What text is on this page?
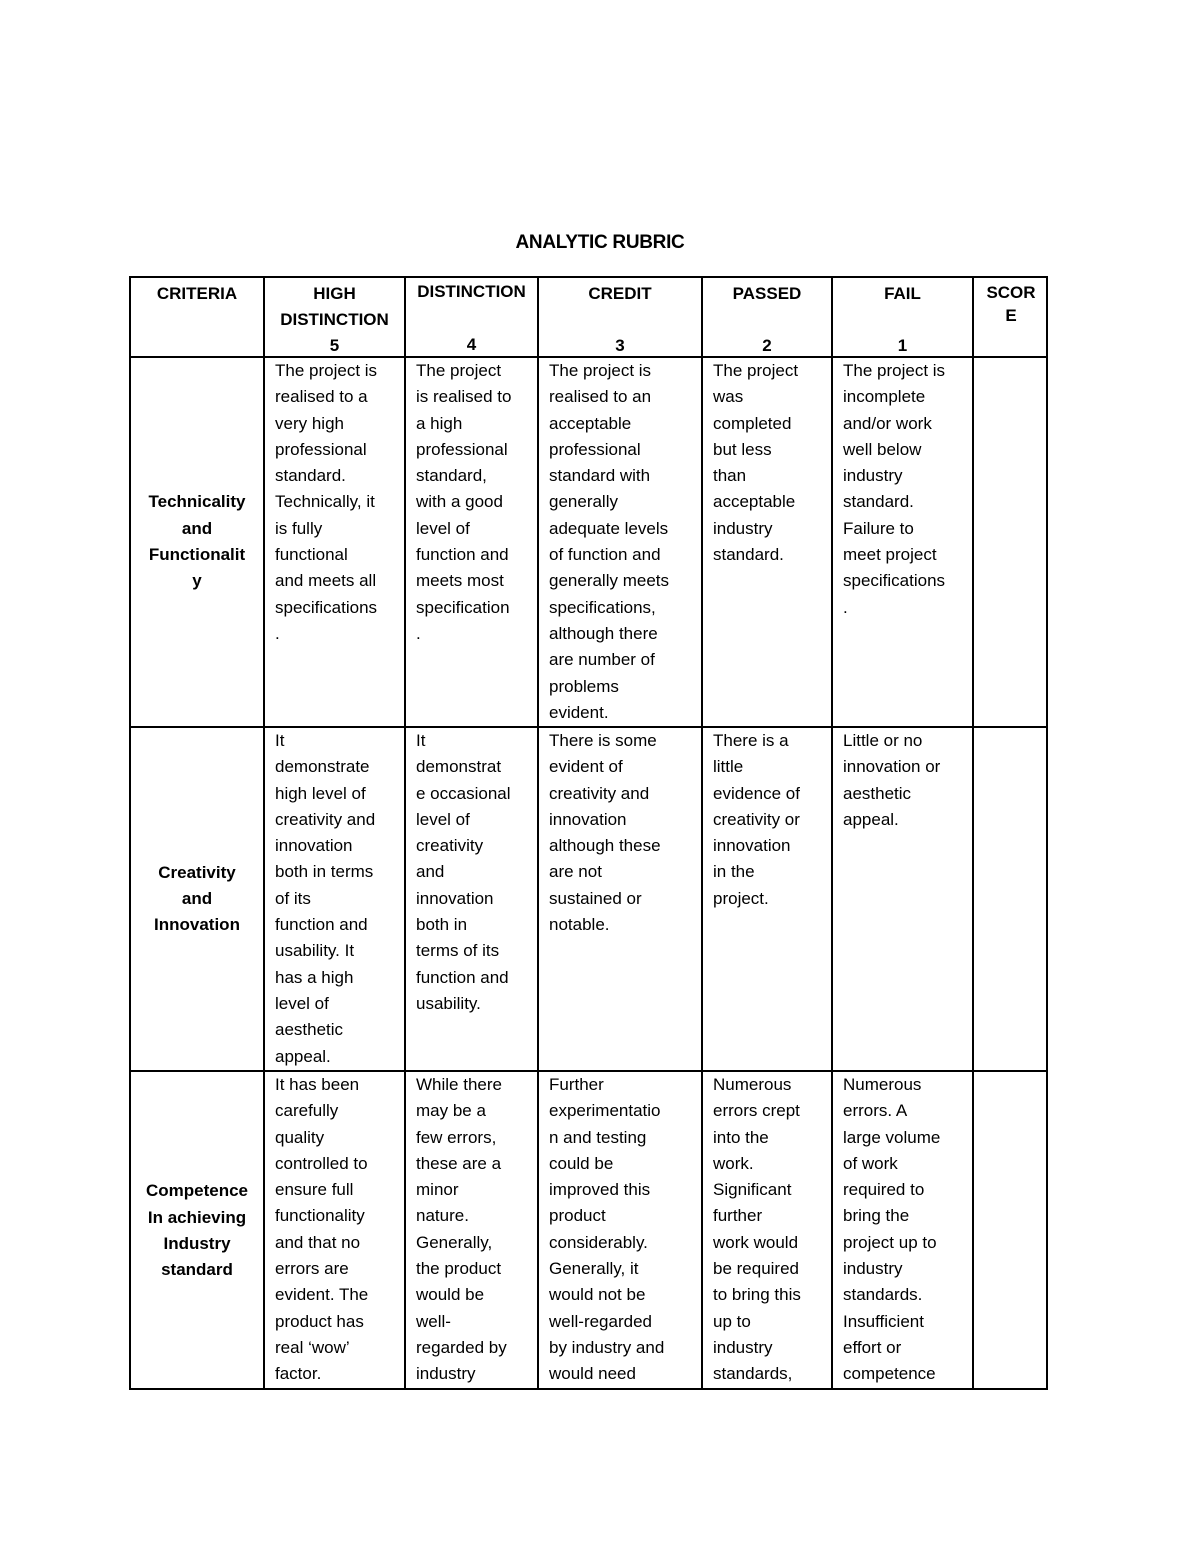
ANALYTIC RUBRIC
CRITERIA	HIGH
DISTINCTION
5
DISTINCTION
4
CREDIT
3
PASSED
2
FAIL
1
SCOR
E
Technicality
and
Functionalit
y
The project is
realised to a
very high
professional
standard.
Technically, it
is fully
functional
and meets all
specifications
.
The project
is realised to
a high
professional
standard,
with a good
level of
function and
meets most
specification
.
The project is
realised to an
acceptable
professional
standard with
generally
adequate levels
of function and
generally meets
specifications,
although there
are number of
problems
evident.
The project
was
completed
but less
than
acceptable
industry
standard.
The project is
incomplete
and/or work
well below
industry
standard.
Failure to
meet project
specifications
.
Creativity
and
Innovation
It
demonstrate
high level of
creativity and
innovation
both in terms
of its
function and
usability. It
has a high
level of
aesthetic
appeal.
It
demonstrat
e occasional
level of
creativity
and
innovation
both in
terms of its
function and
usability.
There is some
evident of
creativity and
innovation
although these
are not
sustained or
notable.
There is a
little
evidence of
creativity or
innovation
in the
project.
Little or no
innovation or
aesthetic
appeal.
Competence
In achieving
Industry
standard
It has been
carefully
quality
controlled to
ensure full
functionality
and that no
errors are
evident. The
product has
real ‘wow’
factor.
While there
may be a
few errors,
these are a
minor
nature.
Generally,
the product
would be
well-
regarded by
industry
Further
experimentatio
n and testing
could be
improved this
product
considerably.
Generally, it
would not be
well-regarded
by industry and
would need
Numerous
errors crept
into the
work.
Significant
further
work would
be required
to bring this
up to
industry
standards,
Numerous
errors. A
large volume
of work
required to
bring the
project up to
industry
standards.
Insufficient
effort or
competence
